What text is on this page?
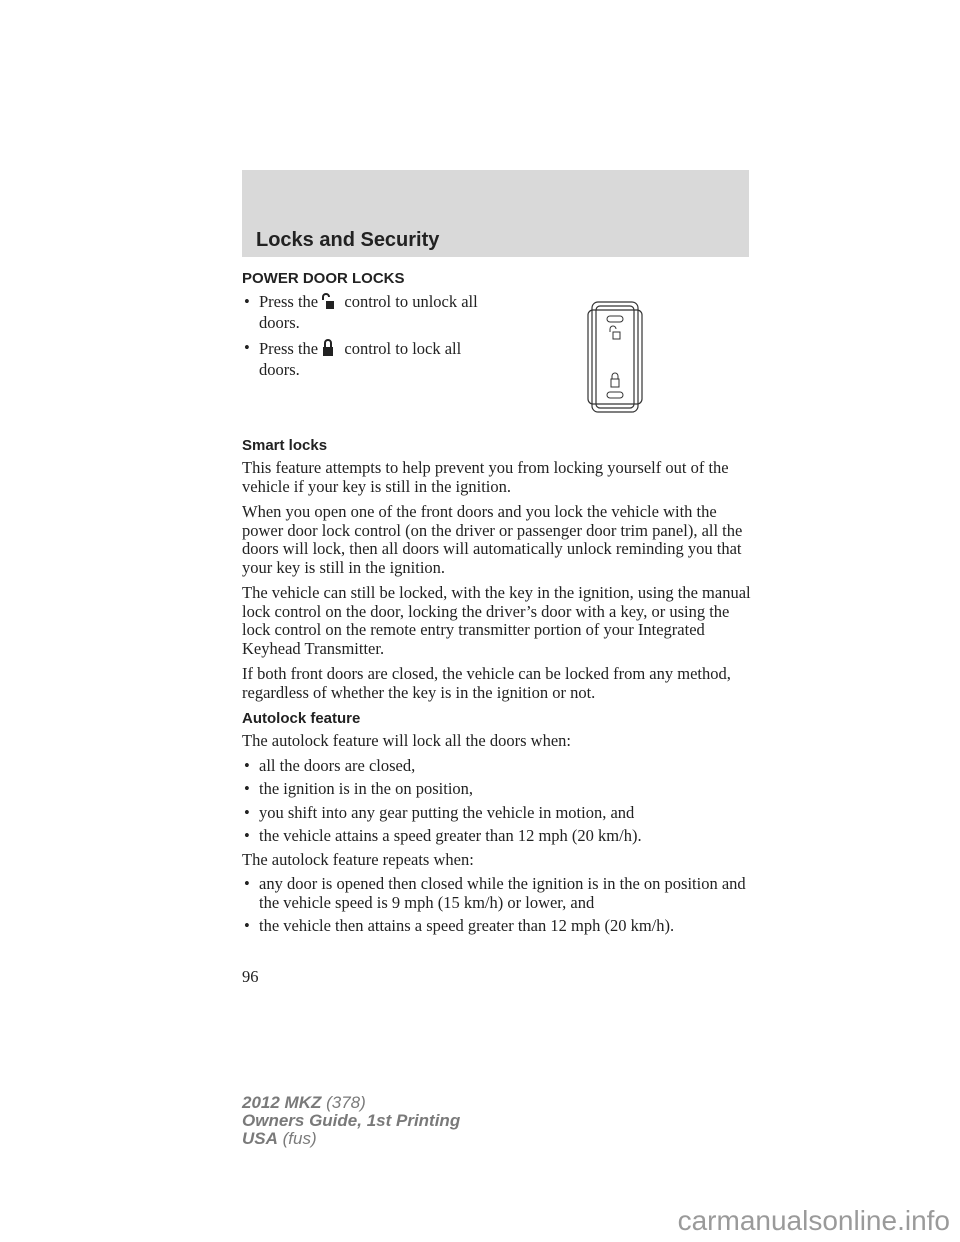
Locks and Security
POWER DOOR LOCKS
• Press the control to unlock all
doors.
• Press the control to lock all
doors.
Smart locks

This feature attempts to help prevent you from locking yourself out of the vehicle if your key is still in the ignition.

When you open one of the front doors and you lock the vehicle with the power door lock control (on the driver or passenger door trim panel), all the doors will lock, then all doors will automatically unlock reminding you that your key is still in the ignition.

The vehicle can still be locked, with the key in the ignition, using the manual lock control on the door, locking the driver’s door with a key, or using the lock control on the remote entry transmitter portion of your Integrated Keyhead Transmitter.

If both front doors are closed, the vehicle can be locked from any method, regardless of whether the key is in the ignition or not.

Autolock feature

The autolock feature will lock all the doors when:

• all the doors are closed,
• the ignition is in the on position,
• you shift into any gear putting the vehicle in motion, and
• the vehicle attains a speed greater than 12 mph (20 km/h).

The autolock feature repeats when:

• any door is opened then closed while the ignition is in the on position and the vehicle speed is 9 mph (15 km/h) or lower, and
• the vehicle then attains a speed greater than 12 mph (20 km/h).
96
2012 MKZ (378)
Owners Guide, 1st Printing
USA (fus)
carmanualsonline.info
